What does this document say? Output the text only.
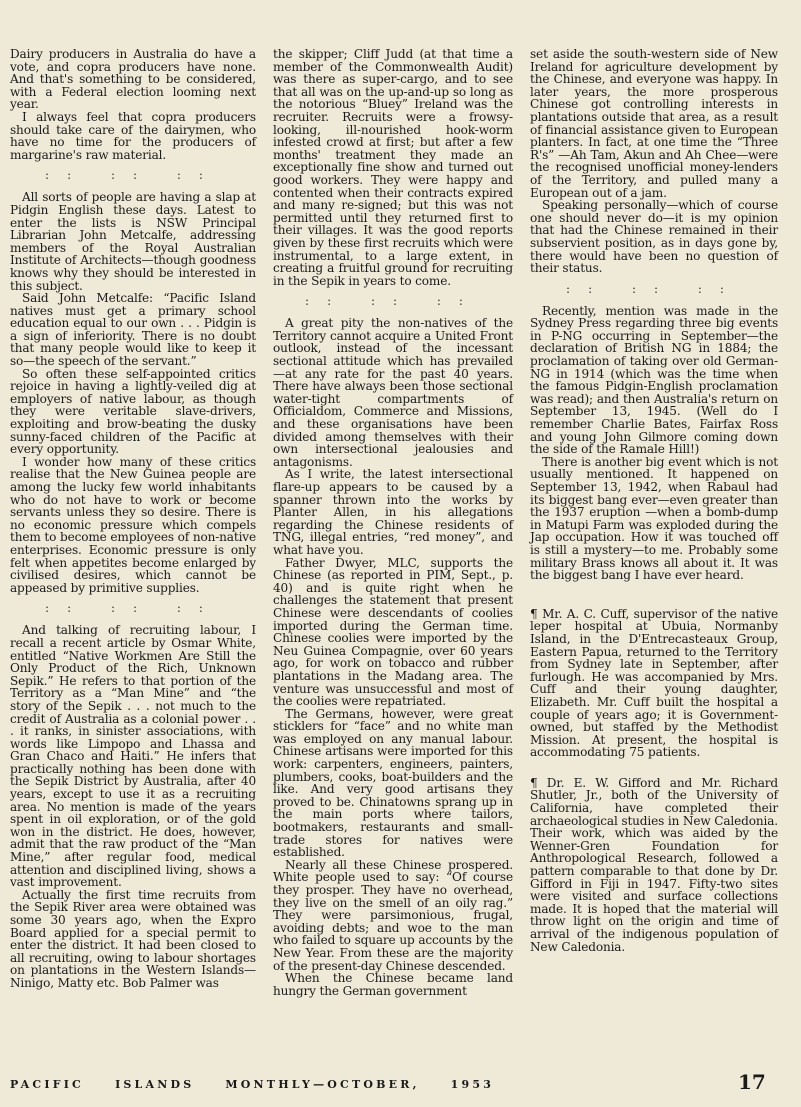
Dairy producers in Australia do have a vote, and copra producers have none. And that's something to be considered, with a Federal election looming next year.

I always feel that copra producers should take care of the dairymen, who have no time for the producers of margarine's raw material.

:: :: ::

All sorts of people are having a slap at Pidgin English these days. Latest to enter the lists is NSW Principal Librarian John Metcalfe, addressing members of the Royal Australian Institute of Architects—though goodness knows why they should be interested in this subject.

Said John Metcalfe: “Pacific Island natives must get a primary school education equal to our own . . . Pidgin is a sign of inferiority. There is no doubt that many people would like to keep it so—the speech of the servant.”

So often these self-appointed critics rejoice in having a lightly-veiled dig at employers of native labour, as though they were veritable slave-drivers, exploiting and brow-beating the dusky sunny-faced children of the Pacific at every opportunity.

I wonder how many of these critics realise that the New Guinea people are among the lucky few world inhabitants who do not have to work or become servants unless they so desire. There is no economic pressure which compels them to become employees of non-native enterprises. Economic pressure is only felt when appetites become enlarged by civilised desires, which cannot be appeased by primitive supplies.

:: :: ::

And talking of recruiting labour, I recall a recent article by Osmar White, entitled “Native Workmen Are Still the Only Product of the Rich, Unknown Sepik.” He refers to that portion of the Territory as a “Man Mine” and “the story of the Sepik . . . not much to the credit of Australia as a colonial power . . . it ranks, in sinister associations, with words like Limpopo and Lhassa and Gran Chaco and Haiti.” He infers that practically nothing has been done with the Sepik District by Australia, after 40 years, except to use it as a recruiting area. No mention is made of the years spent in oil exploration, or of the gold won in the district. He does, however, admit that the raw product of the “Man Mine,” after regular food, medical attention and disciplined living, shows a vast improvement.

Actually the first time recruits from the Sepik River area were obtained was some 30 years ago, when the Expro Board applied for a special permit to enter the district. It had been closed to all recruiting, owing to labour shortages on plantations in the Western Islands—Ninigo, Matty etc. Bob Palmer was

the skipper; Cliff Judd (at that time a member of the Commonwealth Audit) was there as super-cargo, and to see that all was on the up-and-up so long as the notorious “Bluey” Ireland was the recruiter. Recruits were a frowsy-looking, ill-nourished hook-worm infested crowd at first; but after a few months' treatment they made an exceptionally fine show and turned out good workers. They were happy and contented when their contracts expired and many re-signed; but this was not permitted until they returned first to their villages. It was the good reports given by these first recruits which were instrumental, to a large extent, in creating a fruitful ground for recruiting in the Sepik in years to come.

:: :: ::

A great pity the non-natives of the Territory cannot acquire a United Front outlook, instead of the incessant sectional attitude which has prevailed—at any rate for the past 40 years. There have always been those sectional water-tight compartments of Officialdom, Commerce and Missions, and these organisations have been divided among themselves with their own intersectional jealousies and antagonisms.

As I write, the latest intersectional flare-up appears to be caused by a spanner thrown into the works by Planter Allen, in his allegations regarding the Chinese residents of TNG, illegal entries, “red money”, and what have you.

Father Dwyer, MLC, supports the Chinese (as reported in PIM, Sept., p. 40) and is quite right when he challenges the statement that present Chinese were descendants of coolies imported during the German time. Chinese coolies were imported by the Neu Guinea Compagnie, over 60 years ago, for work on tobacco and rubber plantations in the Madang area. The venture was unsuccessful and most of the coolies were repatriated.

The Germans, however, were great sticklers for “face” and no white man was employed on any manual labour. Chinese artisans were imported for this work: carpenters, engineers, painters, plumbers, cooks, boat-builders and the like. And very good artisans they proved to be. Chinatowns sprang up in the main ports where tailors, bootmakers, restaurants and small-trade stores for natives were established.

Nearly all these Chinese prospered. White people used to say: “Of course they prosper. They have no overhead, they live on the smell of an oily rag.” They were parsimonious, frugal, avoiding debts; and woe to the man who failed to square up accounts by the New Year. From these are the majority of the present-day Chinese descended.

When the Chinese became land hungry the German government

set aside the south-western side of New Ireland for agriculture development by the Chinese, and everyone was happy. In later years, the more prosperous Chinese got controlling interests in plantations outside that area, as a result of financial assistance given to European planters. In fact, at one time the “Three R's” —Ah Tam, Akun and Ah Chee—were the recognised unofficial money-lenders of the Territory, and pulled many a European out of a jam.

Speaking personally—which of course one should never do—it is my opinion that had the Chinese remained in their subservient position, as in days gone by, there would have been no question of their status.

:: :: ::

Recently, mention was made in the Sydney Press regarding three big events in P-NG occurring in September—the declaration of British NG in 1884; the proclamation of taking over old German-NG in 1914 (which was the time when the famous Pidgin-English proclamation was read); and then Australia's return on September 13, 1945. (Well do I remember Charlie Bates, Fairfax Ross and young John Gilmore coming down the side of the Ramale Hill!)

There is another big event which is not usually mentioned. It happened on September 13, 1942, when Rabaul had its biggest bang ever—even greater than the 1937 eruption —when a bomb-dump in Matupi Farm was exploded during the Jap occupation. How it was touched off is still a mystery—to me. Probably some military Brass knows all about it. It was the biggest bang I have ever heard.

¶ Mr. A. C. Cuff, supervisor of the native leper hospital at Ubuia, Normanby Island, in the D'Entrecasteaux Group, Eastern Papua, returned to the Territory from Sydney late in September, after furlough. He was accompanied by Mrs. Cuff and their young daughter, Elizabeth. Mr. Cuff built the hospital a couple of years ago; it is Government-owned, but staffed by the Methodist Mission. At present, the hospital is accommodating 75 patients.

¶ Dr. E. W. Gifford and Mr. Richard Shutler, Jr., both of the University of California, have completed their archaeological studies in New Caledonia. Their work, which was aided by the Wenner-Gren Foundation for Anthropological Research, followed a pattern comparable to that done by Dr. Gifford in Fiji in 1947. Fifty-two sites were visited and surface collections made. It is hoped that the material will throw light on the origin and time of arrival of the indigenous population of New Caledonia.

PACIFIC	ISLANDS	MONTHLY—OCTOBER,	1953	17
